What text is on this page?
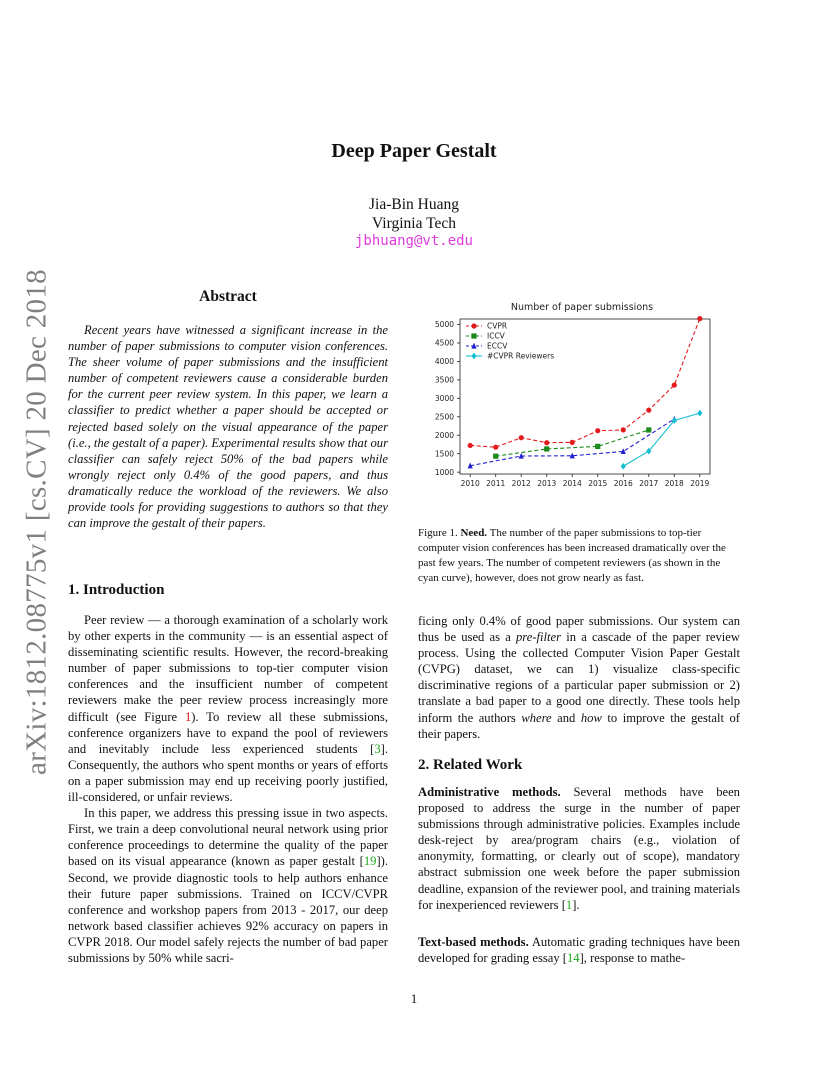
arXiv:1812.08775v1 [cs.CV] 20 Dec 2018
Deep Paper Gestalt
Jia-Bin Huang
Virginia Tech
jbhuang@vt.edu
Abstract

Recent years have witnessed a significant increase in the number of paper submissions to computer vision conferences. The sheer volume of paper submissions and the insufficient number of competent reviewers cause a considerable burden for the current peer review system. In this paper, we learn a classifier to predict whether a paper should be accepted or rejected based solely on the visual appearance of the paper (i.e., the gestalt of a paper). Experimental results show that our classifier can safely reject 50% of the bad papers while wrongly reject only 0.4% of the good papers, and thus dramatically reduce the workload of the reviewers. We also provide tools for providing suggestions to authors so that they can improve the gestalt of their papers.

1. Introduction

Peer review — a thorough examination of a scholarly work by other experts in the community — is an essential aspect of disseminating scientific results. However, the record-breaking number of paper submissions to top-tier computer vision conferences and the insufficient number of competent reviewers make the peer review process increasingly more difficult (see Figure 1). To review all these submissions, conference organizers have to expand the pool of reviewers and inevitably include less experienced students [3]. Consequently, the authors who spent months or years of efforts on a paper submission may end up receiving poorly justified, ill-considered, or unfair reviews.

In this paper, we address this pressing issue in two aspects. First, we train a deep convolutional neural network using prior conference proceedings to determine the quality of the paper based on its visual appearance (known as paper gestalt [19]). Second, we provide diagnostic tools to help authors enhance their future paper submissions. Trained on ICCV/CVPR conference and workshop papers from 2013 - 2017, our deep network based classifier achieves 92% accuracy on papers in CVPR 2018. Our model safely rejects the number of bad paper submissions by 50% while sacri-

Number of paper submissions
2010 2011 2012 2013 2014 2015 2016 2017 2018 2019
1000
1500
2000
2500
3000
3500
4000
4500
5000	CVPR
ICCV
ECCV
#CVPR Reviewers
Figure 1. Need. The number of the paper submissions to top-tier computer vision conferences has been increased dramatically over the past few years. The number of competent reviewers (as shown in the cyan curve), however, does not grow nearly as fast.

ficing only 0.4% of good paper submissions. Our system can thus be used as a pre-filter in a cascade of the paper review process. Using the collected Computer Vision Paper Gestalt (CVPG) dataset, we can 1) visualize class-specific discriminative regions of a particular paper submission or 2) translate a bad paper to a good one directly. These tools help inform the authors where and how to improve the gestalt of their papers.

2. Related Work

Administrative methods. Several methods have been proposed to address the surge in the number of paper submissions through administrative policies. Examples include desk-reject by area/program chairs (e.g., violation of anonymity, formatting, or clearly out of scope), mandatory abstract submission one week before the paper submission deadline, expansion of the reviewer pool, and training materials for inexperienced reviewers [1].

Text-based methods. Automatic grading techniques have been developed for grading essay [14], response to mathe-

1
